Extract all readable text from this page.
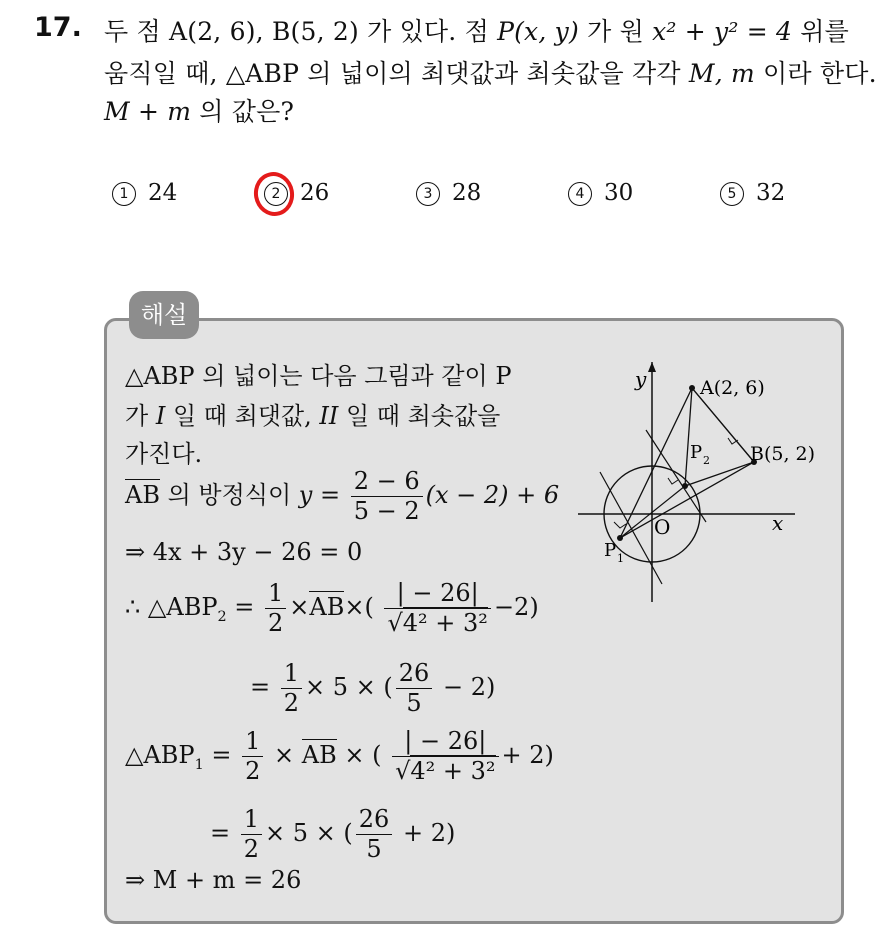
17. 두 점 A(2, 6), B(5, 2) 가 있다. 점 P(x, y) 가 원 x² + y² = 4 위를
움직일 때, △ABP 의 넓이의 최댓값과 최솟값을 각각 M, m 이라 한다.
M + m 의 값은?
1 24	2 26	3 28	4 30	5 32
해설
△ABP 의 넓이는 다음 그림과 같이 P
가 I 일 때 최댓값, II 일 때 최솟값을
가진다.
AB 의 방정식이 $y = \frac{2 - 6}{5 - 2} (x - 2) + 6$
⇒ 4x + 3y − 26 = 0
∴ $\triangle ABP_2 = \frac{1}{2} \times AB\times( \frac{| - 26|}{\text{√4² + 3²}} -2)$
= $\frac{1}{2} \times 5$ × ( $\frac{26}{5} - 2$)
$\triangle ABP_1 = \frac{1}{2}$ × AB × ( $\frac{| - 26|}{\text{√4² + 3²}} + 2$)
= $\frac{1}{2} \times 5$ × ( $\frac{26}{5} + 2$)
⇒ M + m = 26
y
x
O
A(2, 6)
B(5, 2)
P 2
P 1
